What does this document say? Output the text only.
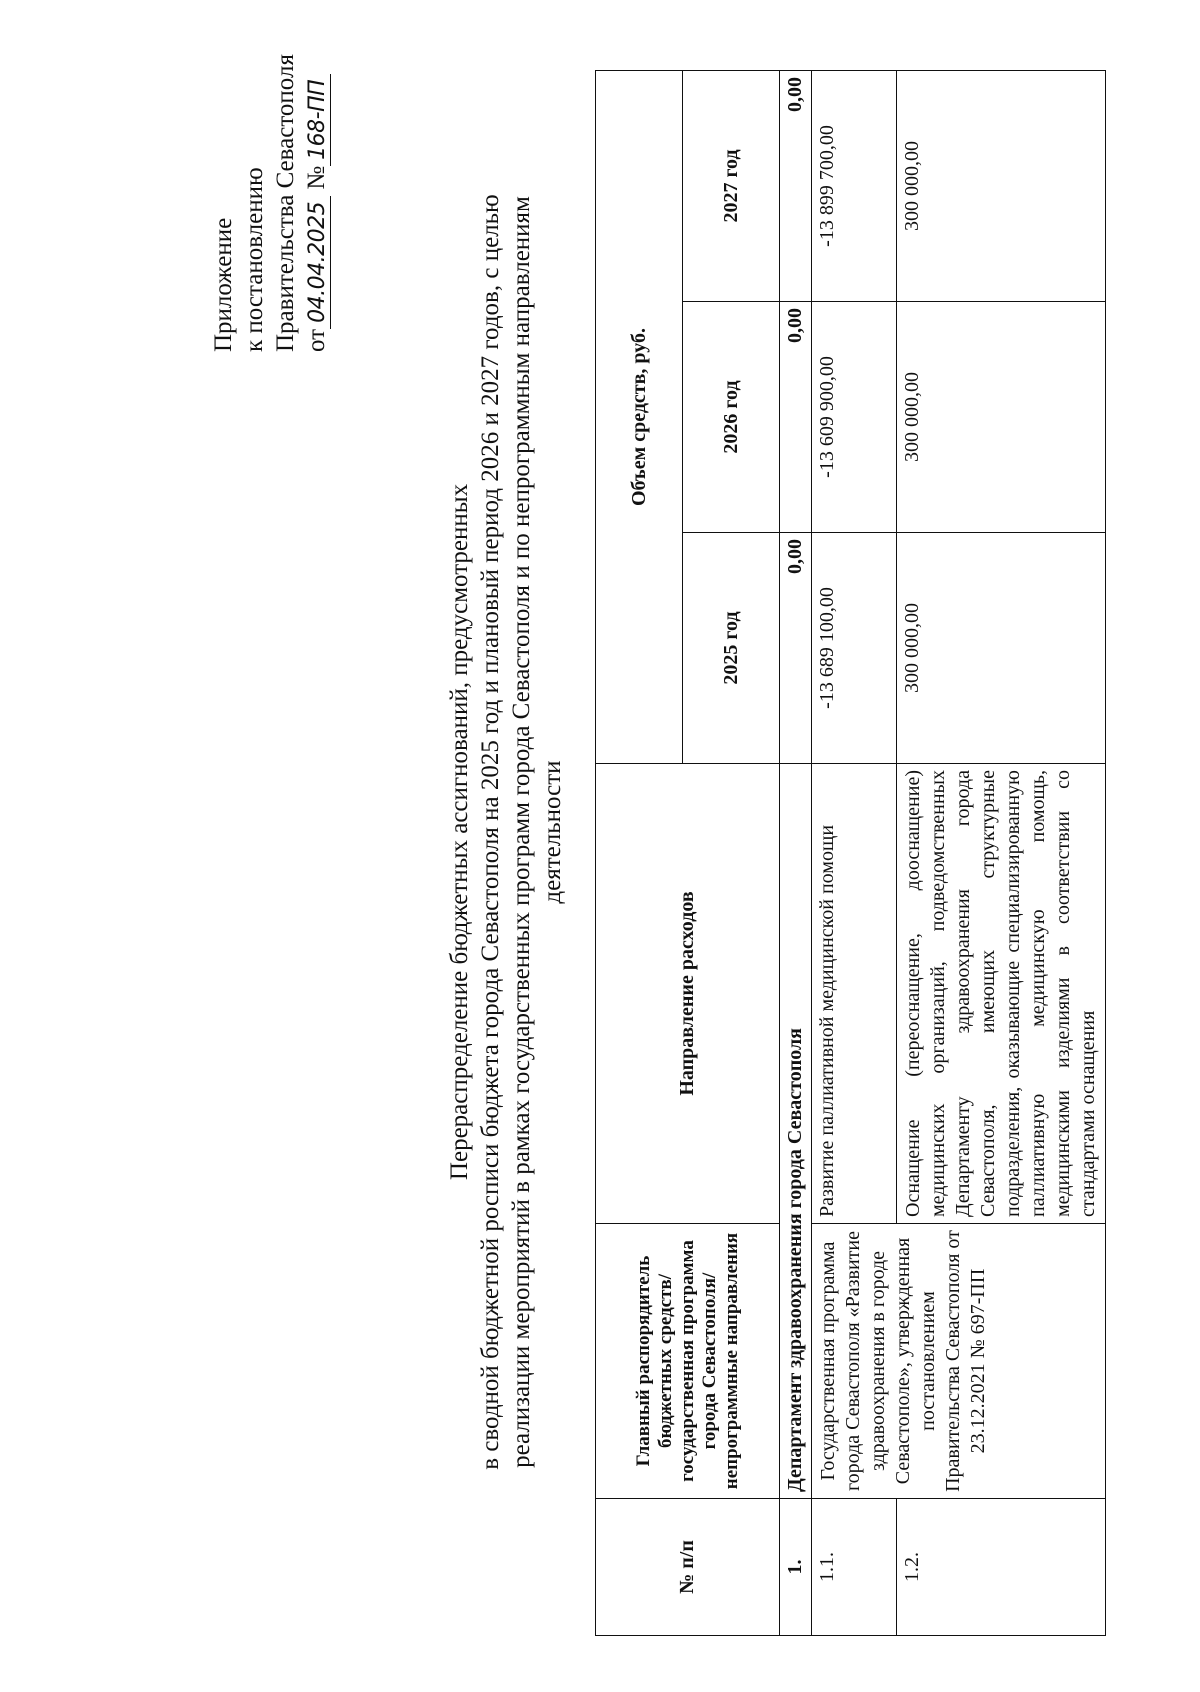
Приложение к постановлению Правительства Севастополя от04.04.2025 №168-ПП
Перераспределение бюджетных ассигнований, предусмотренных в сводной бюджетной росписи бюджета города Севастополя на 2025 год и плановый период 2026 и 2027 годов, с целью реализации мероприятий в рамках государственных программ города Севастополя и по непрограммным направлениям деятельности
№ п/п	Главный распорядитель бюджетных средств/государственная программа города Севастополя/непрограммные направления	Направление расходов	Объем средств, руб.		
			2025 год	2026 год	2027 год
1.	Департамент здравоохранения города Севастополя		0,00	0,00	0,00
1.1.	Государственная программа города Севастополя «Развитие здравоохранения в городе Севастополе», утвержденная постановлением Правительства Севастополя от 23.12.2021 № 697-ПП	Развитие паллиативной медицинской помощи	-13 689 100,00	-13 609 900,00	-13 899 700,00
1.2.		Оснащение (переоснащение, дооснащение) медицинских организаций, подведомственных Департаменту здравоохранения города Севастополя, имеющих структурные подразделения, оказывающие специализированную паллиативную медицинскую помощь, медицинскими изделиями в соответствии со стандартами оснащения	300 000,00	300 000,00	300 000,00
